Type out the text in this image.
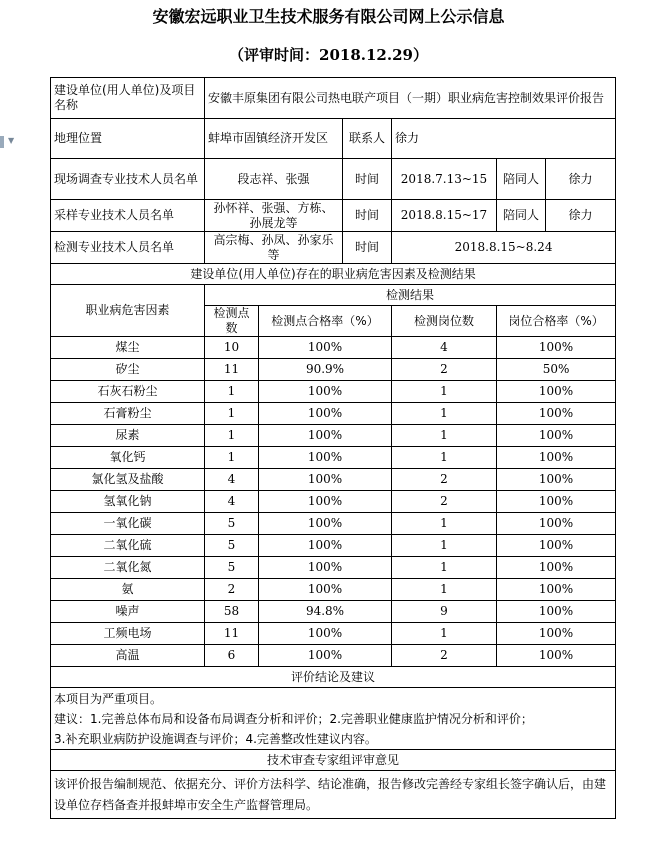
安徽宏远职业卫生技术服务有限公司网上公示信息
（评审时间：2018.12.29）
▼
建设单位(用人单位)及项目名称	安徽丰原集团有限公司热电联产项目（一期）职业病危害控制效果评价报告					
地理位置	蚌埠市固镇经济开发区		联系人	徐力		
现场调查专业技术人员名单	段志祥、张强		时间	2018.7.13~15	陪同人	徐力
采样专业技术人员名单	孙怀祥、张强、方栋、孙展龙等		时间	2018.8.15~17	陪同人	徐力
检测专业技术人员名单	高宗梅、孙凤、孙家乐等		时间	2018.8.15~8.24		
建设单位(用人单位)存在的职业病危害因素及检测结果						
职业病危害因素	检测结果					
	检测点数	检测点合格率（%）		检测岗位数	岗位合格率（%）	
煤尘	10	100%		4	100%	
矽尘	11	90.9%		2	50%	
石灰石粉尘	1	100%		1	100%	
石膏粉尘	1	100%		1	100%	
尿素	1	100%		1	100%	
氧化钙	1	100%		1	100%	
氯化氢及盐酸	4	100%		2	100%	
氢氧化钠	4	100%		2	100%	
一氧化碳	5	100%		1	100%	
二氧化硫	5	100%		1	100%	
二氧化氮	5	100%		1	100%	
氨	2	100%		1	100%	
噪声	58	94.8%		9	100%	
工频电场	11	100%		1	100%	
高温	6	100%		2	100%	
评价结论及建议						

本项目为严重项目。
建议：1.完善总体布局和设备布局调查分析和评价；2.完善职业健康监护情况分析和评价；
3.补充职业病防护设施调查与评价；4.完善整改性建议内容。						

技术审查专家组评审意见						
该评价报告编制规范、依据充分、评价方法科学、结论准确，报告修改完善经专家组长签字确认后，由建设单位存档备查并报蚌埠市安全生产监督管理局。						
